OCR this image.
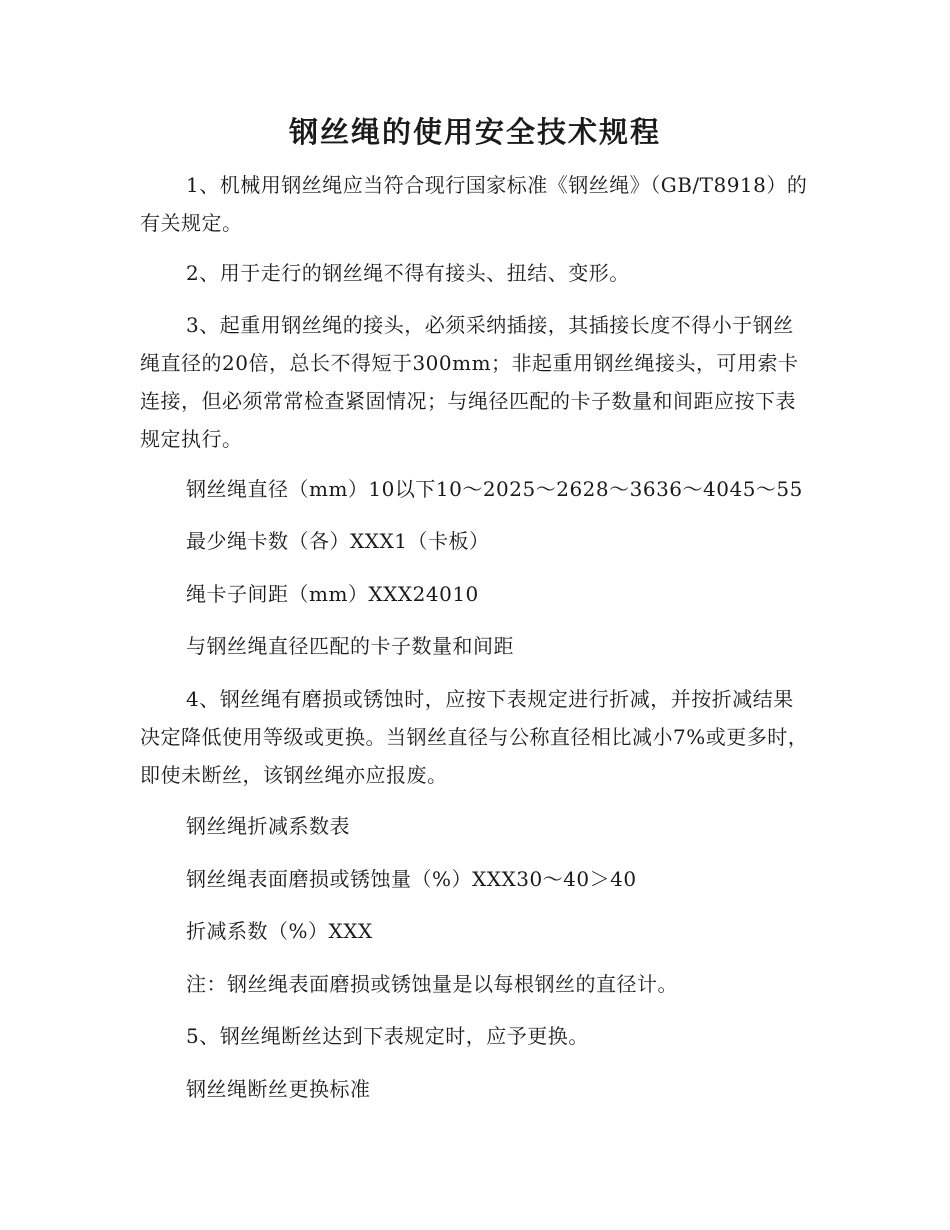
钢丝绳的使用安全技术规程
1、机械用钢丝绳应当符合现行国家标准《钢丝绳》（GB/T8918）的有关规定。
2、用于走行的钢丝绳不得有接头、扭结、变形。
3、起重用钢丝绳的接头，必须采纳插接，其插接长度不得小于钢丝绳直径的20倍，总长不得短于300mm；非起重用钢丝绳接头，可用索卡连接，但必须常常检查紧固情况；与绳径匹配的卡子数量和间距应按下表规定执行。
钢丝绳直径（mm）10以下10～2025～2628～3636～4045～55
最少绳卡数（各）XXX1（卡板）
绳卡子间距（mm）XXX24010
与钢丝绳直径匹配的卡子数量和间距
4、钢丝绳有磨损或锈蚀时，应按下表规定进行折减，并按折减结果决定降低使用等级或更换。当钢丝直径与公称直径相比减小7%或更多时，即使未断丝，该钢丝绳亦应报废。
钢丝绳折减系数表
钢丝绳表面磨损或锈蚀量（%）XXX30～40＞40
折减系数（%）XXX
注：钢丝绳表面磨损或锈蚀量是以每根钢丝的直径计。
5、钢丝绳断丝达到下表规定时，应予更换。
钢丝绳断丝更换标准
